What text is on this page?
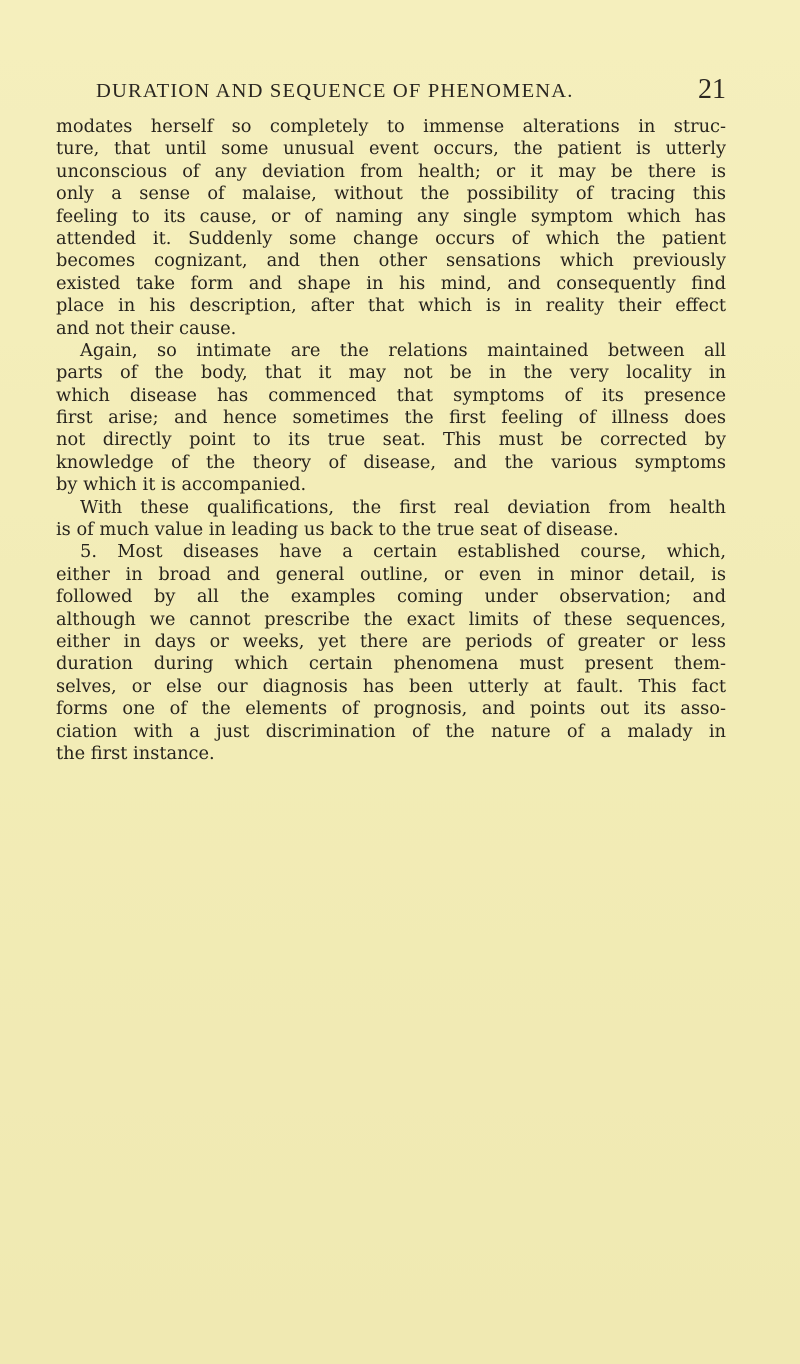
DURATION AND SEQUENCE OF PHENOMENA.	21
modates herself so completely to immense alterations in struc-
ture, that until some unusual event occurs, the patient is utterly
unconscious of any deviation from health; or it may be there is
only a sense of malaise, without the possibility of tracing this
feeling to its cause, or of naming any single symptom which has
attended it. Suddenly some change occurs of which the patient
becomes cognizant, and then other sensations which previously
existed take form and shape in his mind, and consequently find
place in his description, after that which is in reality their effect
and not their cause.
Again, so intimate are the relations maintained between all
parts of the body, that it may not be in the very locality in
which disease has commenced that symptoms of its presence
first arise; and hence sometimes the first feeling of illness does
not directly point to its true seat. This must be corrected by
knowledge of the theory of disease, and the various symptoms
by which it is accompanied.
With these qualifications, the first real deviation from health
is of much value in leading us back to the true seat of disease.
5. Most diseases have a certain established course, which,
either in broad and general outline, or even in minor detail, is
followed by all the examples coming under observation; and
although we cannot prescribe the exact limits of these sequences,
either in days or weeks, yet there are periods of greater or less
duration during which certain phenomena must present them-
selves, or else our diagnosis has been utterly at fault. This fact
forms one of the elements of prognosis, and points out its asso-
ciation with a just discrimination of the nature of a malady in
the first instance.
